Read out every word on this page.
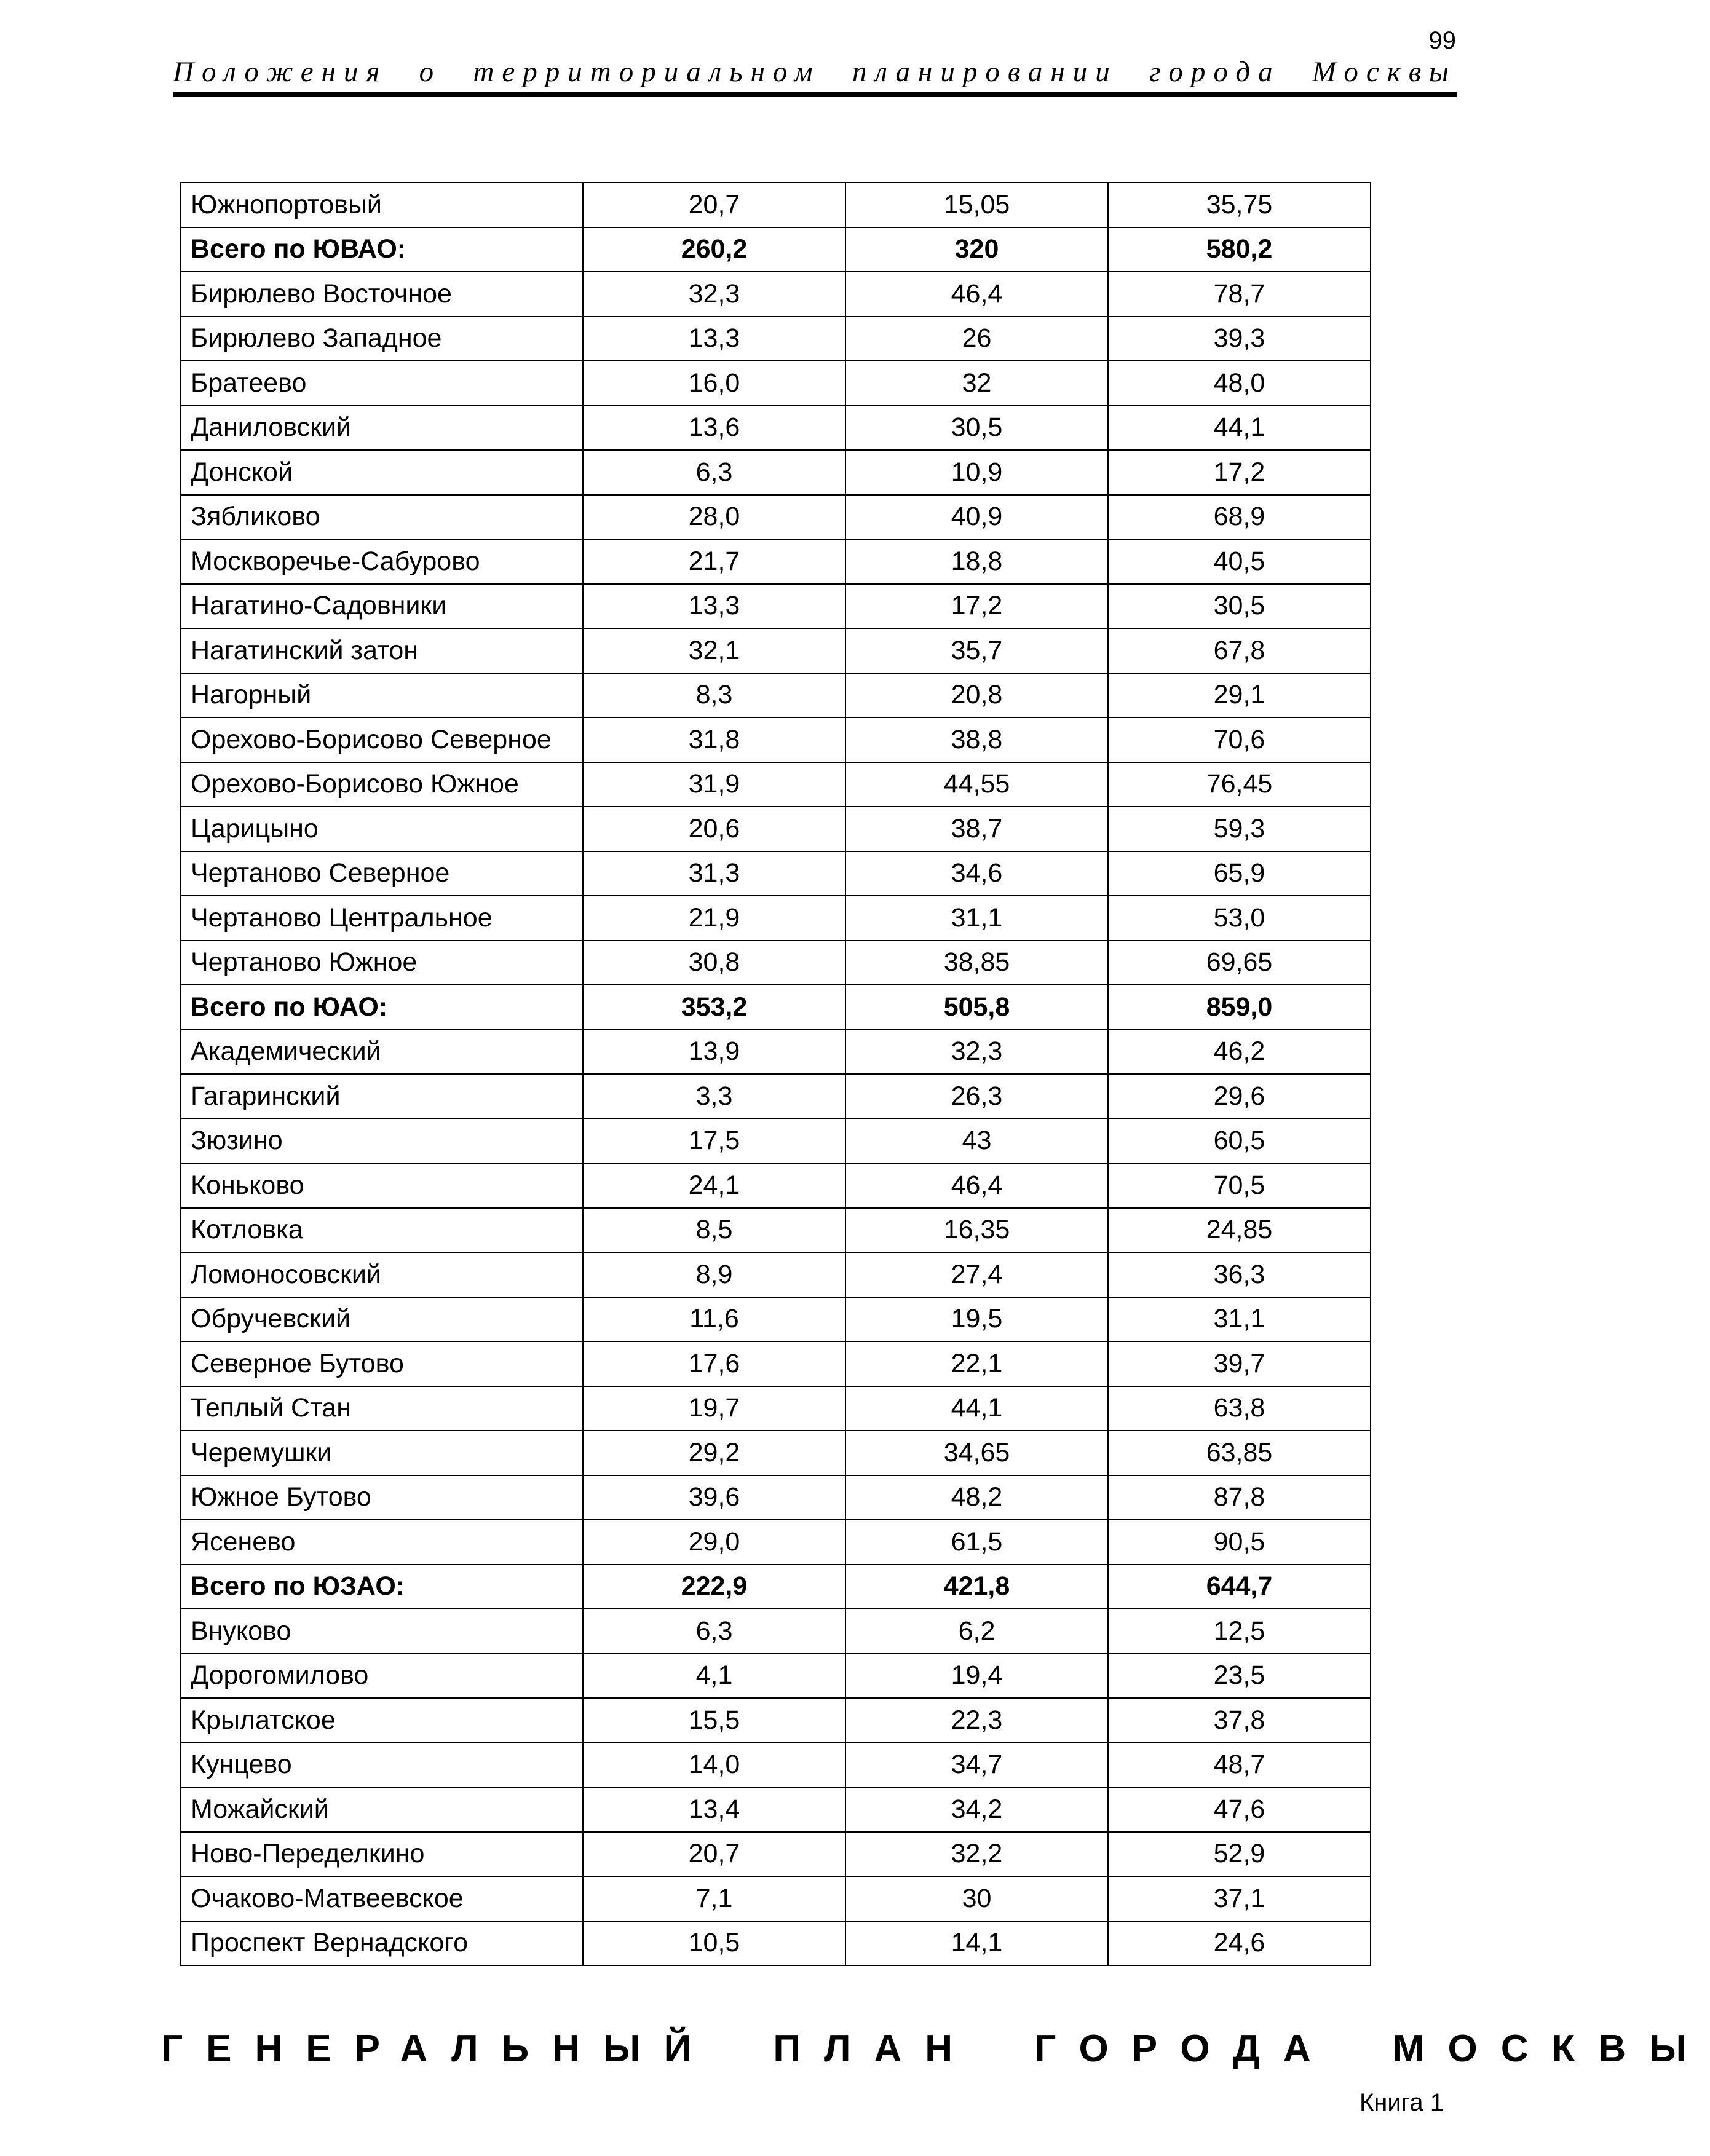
99
Положения о территориальном планировании города Москвы
Южнопортовый	20,7	15,05	35,75
Всего по ЮВАО:	260,2	320	580,2
Бирюлево Восточное	32,3	46,4	78,7
Бирюлево Западное	13,3	26	39,3
Братеево	16,0	32	48,0
Даниловский	13,6	30,5	44,1
Донской	6,3	10,9	17,2
Зябликово	28,0	40,9	68,9
Москворечье-Сабурово	21,7	18,8	40,5
Нагатино-Садовники	13,3	17,2	30,5
Нагатинский затон	32,1	35,7	67,8
Нагорный	8,3	20,8	29,1
Орехово-Борисово Северное	31,8	38,8	70,6
Орехово-Борисово Южное	31,9	44,55	76,45
Царицыно	20,6	38,7	59,3
Чертаново Северное	31,3	34,6	65,9
Чертаново Центральное	21,9	31,1	53,0
Чертаново Южное	30,8	38,85	69,65
Всего по ЮАО:	353,2	505,8	859,0
Академический	13,9	32,3	46,2
Гагаринский	3,3	26,3	29,6
Зюзино	17,5	43	60,5
Коньково	24,1	46,4	70,5
Котловка	8,5	16,35	24,85
Ломоносовский	8,9	27,4	36,3
Обручевский	11,6	19,5	31,1
Северное Бутово	17,6	22,1	39,7
Теплый Стан	19,7	44,1	63,8
Черемушки	29,2	34,65	63,85
Южное Бутово	39,6	48,2	87,8
Ясенево	29,0	61,5	90,5
Всего по ЮЗАО:	222,9	421,8	644,7
Внуково	6,3	6,2	12,5
Дорогомилово	4,1	19,4	23,5
Крылатское	15,5	22,3	37,8
Кунцево	14,0	34,7	48,7
Можайский	13,4	34,2	47,6
Ново-Переделкино	20,7	32,2	52,9
Очаково-Матвеевское	7,1	30	37,1
Проспект Вернадского	10,5	14,1	24,6
ГЕНЕРАЛЬНЫЙ ПЛАН ГОРОДА МОСКВЫ
Книга 1
